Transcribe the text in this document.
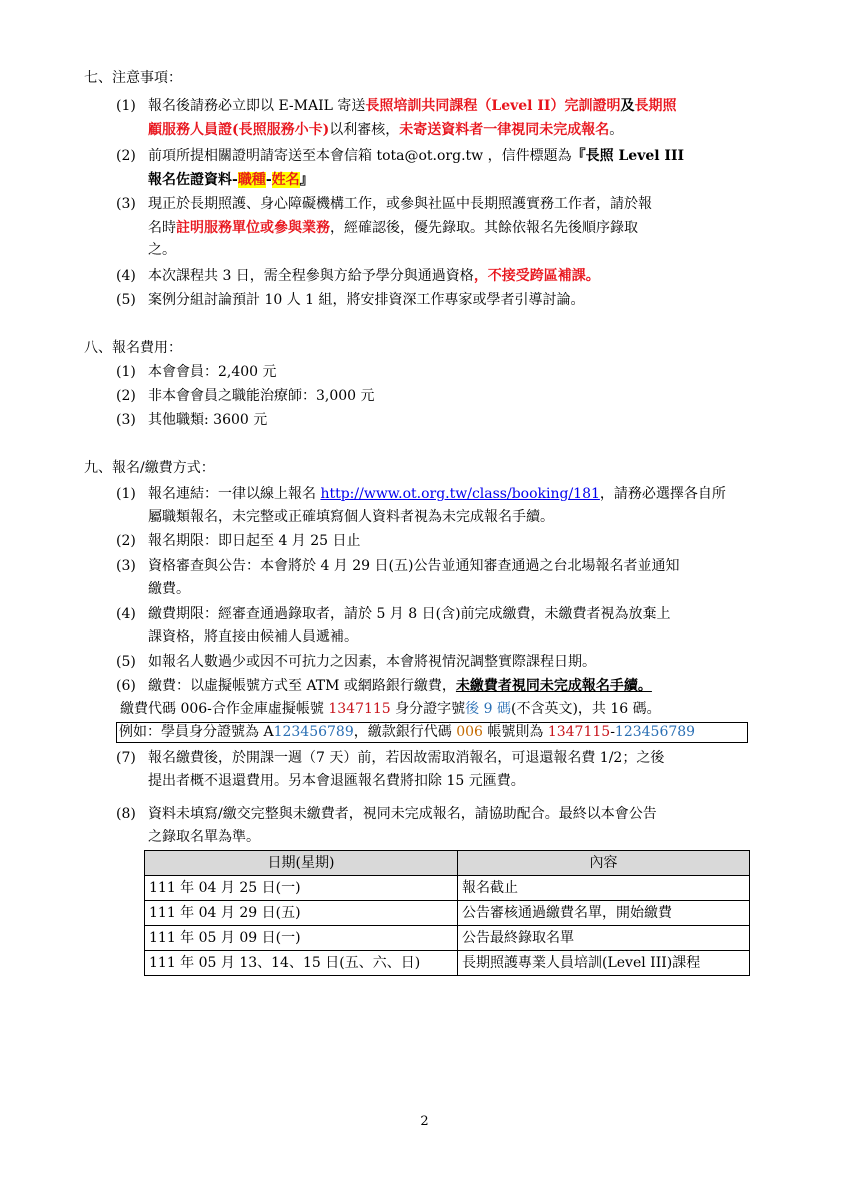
七、注意事項：
(1) 報名後請務必立即以 E-MAIL 寄送長照培訓共同課程（Level II）完訓證明及長期照
顧服務人員證(長照服務小卡)以利審核，未寄送資料者一律視同未完成報名。
(2) 前項所提相關證明請寄送至本會信箱 tota@ot.org.tw ，信件標題為『長照 Level III
報名佐證資料-職種-姓名』
(3) 現正於長期照護、身心障礙機構工作，或參與社區中長期照護實務工作者，請於報
名時註明服務單位或參與業務，經確認後，優先錄取。其餘依報名先後順序錄取
之。
(4) 本次課程共 3 日，需全程參與方給予學分與通過資格，不接受跨區補課。
(5) 案例分組討論預計 10 人 1 組，將安排資深工作專家或學者引導討論。
八、報名費用：
(1) 本會會員：2,400 元
(2) 非本會會員之職能治療師：3,000 元
(3) 其他職類: 3600 元
九、報名/繳費方式：
(1) 報名連結：一律以線上報名 http://www.ot.org.tw/class/booking/181，請務必選擇各自所
屬職類報名，未完整或正確填寫個人資料者視為未完成報名手續。
(2) 報名期限：即日起至 4 月 25 日止
(3) 資格審查與公告：本會將於 4 月 29 日(五)公告並通知審查通過之台北場報名者並通知
繳費。
(4) 繳費期限：經審查通過錄取者，請於 5 月 8 日(含)前完成繳費，未繳費者視為放棄上
課資格，將直接由候補人員遞補。
(5) 如報名人數過少或因不可抗力之因素，本會將視情況調整實際課程日期。
(6) 繳費：以虛擬帳號方式至 ATM 或網路銀行繳費，未繳費者視同未完成報名手續。
繳費代碼 006-合作金庫虛擬帳號 1347115 身分證字號後 9 碼(不含英文)，共 16 碼。
例如：學員身分證號為 A123456789，繳款銀行代碼 006 帳號則為 1347115-123456789
(7) 報名繳費後，於開課一週（7 天）前，若因故需取消報名，可退還報名費 1/2；之後
提出者概不退還費用。另本會退匯報名費將扣除 15 元匯費。
(8) 資料未填寫/繳交完整與未繳費者，視同未完成報名，請協助配合。最終以本會公告
之錄取名單為準。
日期(星期)	內容
111 年 04 月 25 日(一)	報名截止
111 年 04 月 29 日(五)	公告審核通過繳費名單，開始繳費
111 年 05 月 09 日(一)	公告最終錄取名單
111 年 05 月 13、14、15 日(五、六、日)	長期照護專業人員培訓(Level III)課程
2
